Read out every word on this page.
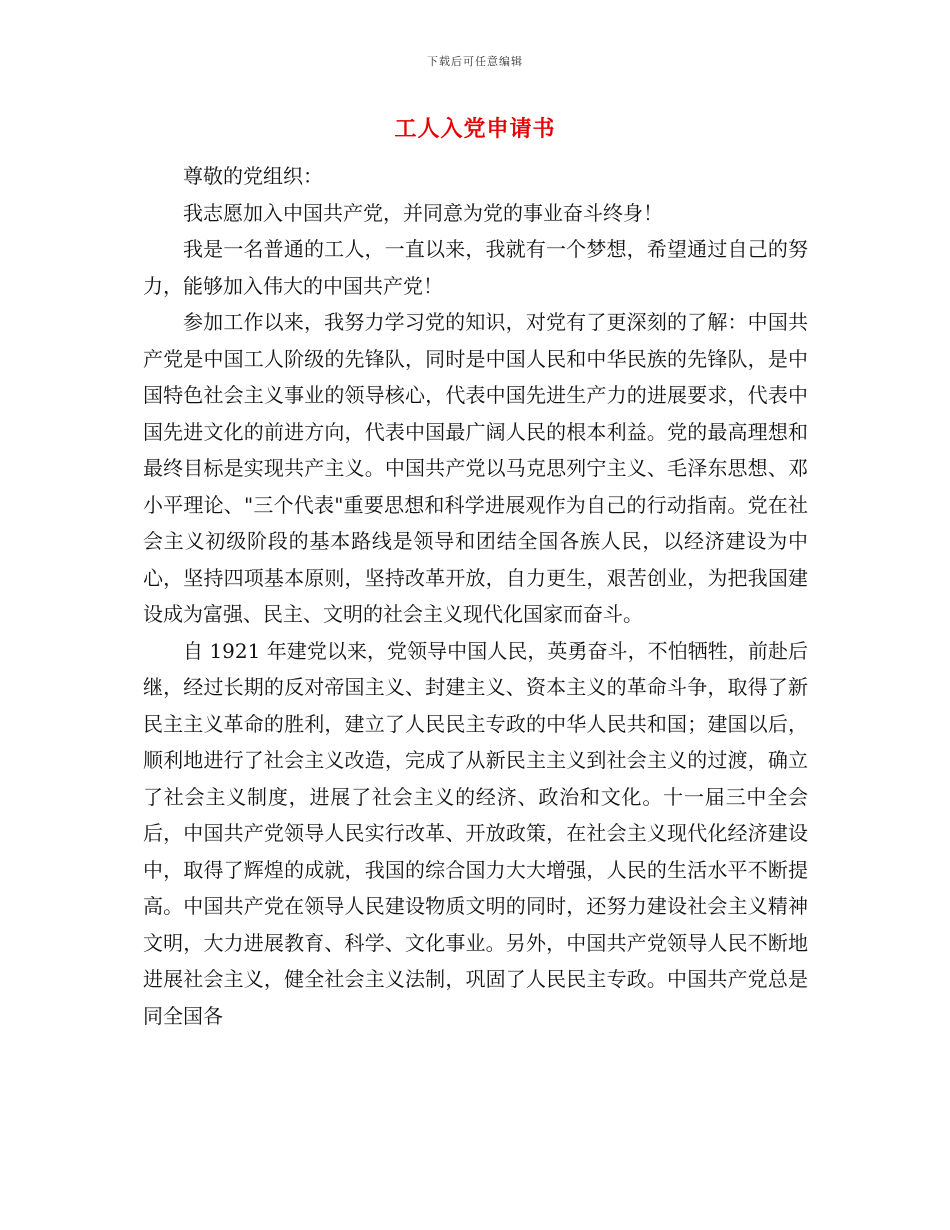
下载后可任意编辑
工人入党申请书

尊敬的党组织：

我志愿加入中国共产党，并同意为党的事业奋斗终身！

我是一名普通的工人，一直以来，我就有一个梦想，希望通过自己的努力，能够加入伟大的中国共产党！

参加工作以来，我努力学习党的知识，对党有了更深刻的了解：中国共产党是中国工人阶级的先锋队，同时是中国人民和中华民族的先锋队，是中国特色社会主义事业的领导核心，代表中国先进生产力的进展要求，代表中国先进文化的前进方向，代表中国最广阔人民的根本利益。党的最高理想和最终目标是实现共产主义。中国共产党以马克思列宁主义、毛泽东思想、邓小平理论、"三个代表"重要思想和科学进展观作为自己的行动指南。党在社会主义初级阶段的基本路线是领导和团结全国各族人民，以经济建设为中心，坚持四项基本原则，坚持改革开放，自力更生，艰苦创业，为把我国建设成为富强、民主、文明的社会主义现代化国家而奋斗。

自 1921 年建党以来，党领导中国人民，英勇奋斗，不怕牺牲，前赴后继，经过长期的反对帝国主义、封建主义、资本主义的革命斗争，取得了新民主主义革命的胜利，建立了人民民主专政的中华人民共和国；建国以后，顺利地进行了社会主义改造，完成了从新民主主义到社会主义的过渡，确立了社会主义制度，进展了社会主义的经济、政治和文化。十一届三中全会后，中国共产党领导人民实行改革、开放政策，在社会主义现代化经济建设中，取得了辉煌的成就，我国的综合国力大大增强，人民的生活水平不断提高。中国共产党在领导人民建设物质文明的同时，还努力建设社会主义精神文明，大力进展教育、科学、文化事业。另外，中国共产党领导人民不断地进展社会主义，健全社会主义法制，巩固了人民民主专政。中国共产党总是同全国各
